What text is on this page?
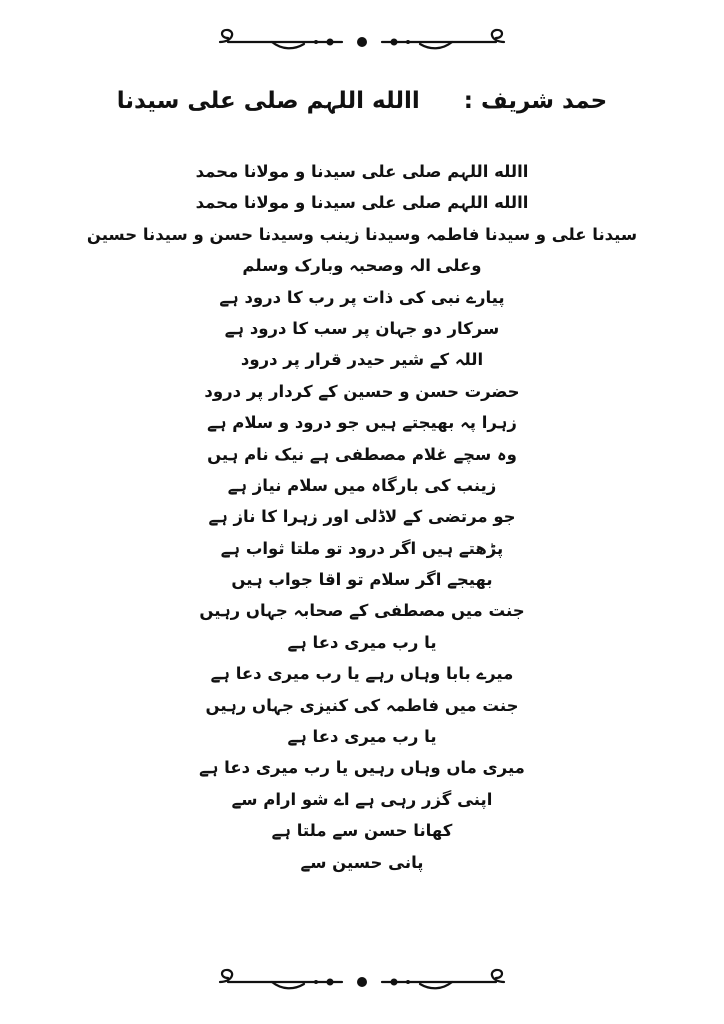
حمد شریف : االله اللہم صلی علی سیدنا
االله اللہم صلی علی سیدنا و مولانا محمد
االله اللہم صلی علی سیدنا و مولانا محمد
سیدنا علی و سیدنا فاطمہ وسیدنا زینب وسیدنا حسن و سیدنا حسین
وعلی الہ وصحبہ وبارک وسلم
پیارے نبی کی ذات پر رب کا درود ہے
سرکار دو جہان پر سب کا درود ہے
اللہ کے شیر حیدر قرار پر درود
حضرت حسن و حسین کے کردار پر درود
زہرا پہ بھیجتے ہیں جو درود و سلام ہے
وہ سچے غلام مصطفی ہے نیک نام ہیں
زینب کی بارگاہ میں سلام نیاز ہے
جو مرتضی کے لاڈلی اور زہرا کا ناز ہے
پڑھتے ہیں اگر درود تو ملتا ثواب ہے
بھیجے اگر سلام تو اقا جواب ہیں
جنت میں مصطفی کے صحابہ جہاں رہیں
یا رب میری دعا ہے
میرے بابا وہاں رہے یا رب میری دعا ہے
جنت میں فاطمہ کی کنیزی جہاں رہیں
یا رب میری دعا ہے
میری ماں وہاں رہیں یا رب میری دعا ہے
اپنی گزر رہی ہے اے شو ارام سے
کھانا حسن سے ملتا ہے
پانی حسین سے
